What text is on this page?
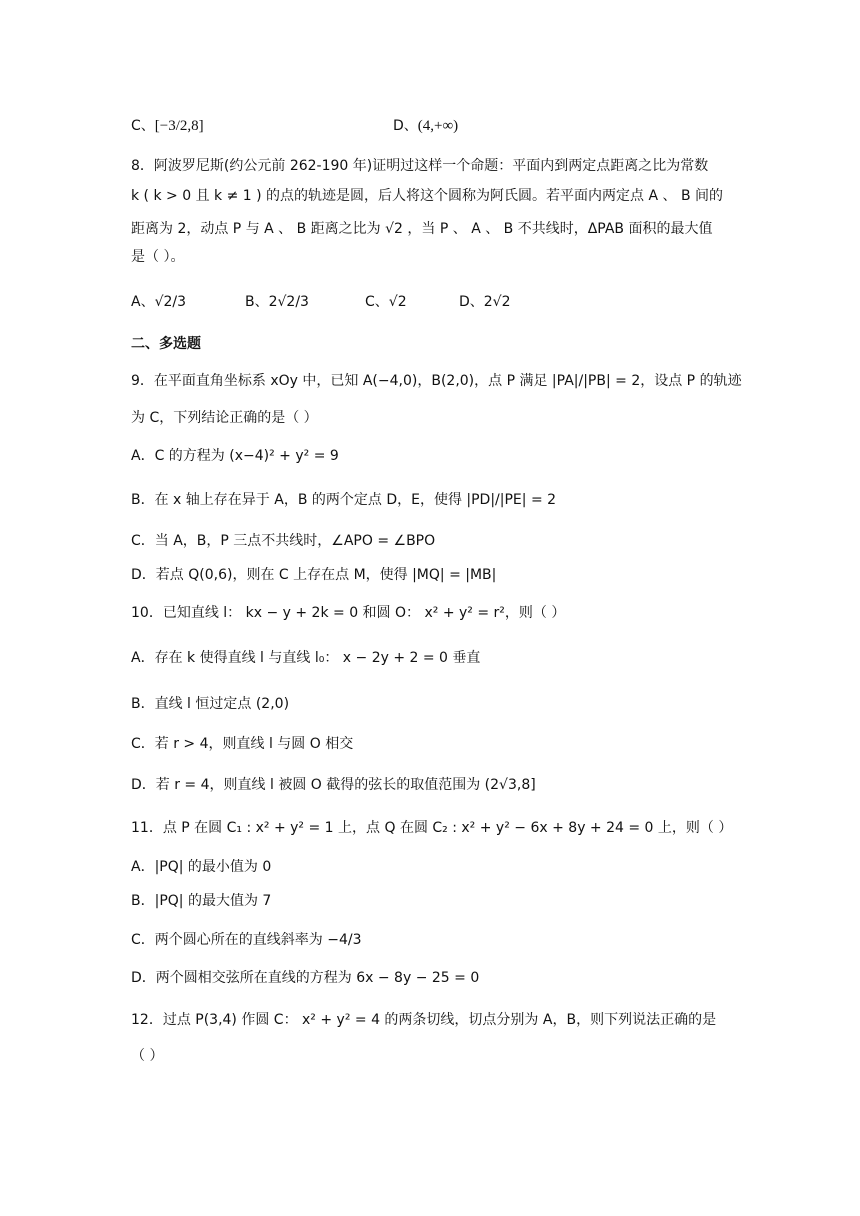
C、[−3/2,8]	D、(4,+∞)
8．阿波罗尼斯(约公元前 262-190 年)证明过这样一个命题：平面内到两定点距离之比为常数
k ( k > 0 且 k ≠ 1 ) 的点的轨迹是圆，后人将这个圆称为阿氏圆。若平面内两定点 A 、 B 间的
距离为 2，动点 P 与 A 、 B 距离之比为 √2 ，当 P 、 A 、 B 不共线时，ΔPAB 面积的最大值
是（ ）。
A、√2/3	B、2√2/3	C、√2	D、2√2
二、多选题
9．在平面直角坐标系 xOy 中，已知 A(−4,0)，B(2,0)，点 P 满足 |PA|/|PB| = 2，设点 P 的轨迹
为 C，下列结论正确的是（ ）
A．C 的方程为 (x−4)² + y² = 9
B．在 x 轴上存在异于 A，B 的两个定点 D，E，使得 |PD|/|PE| = 2
C．当 A，B，P 三点不共线时，∠APO = ∠BPO
D．若点 Q(0,6)，则在 C 上存在点 M，使得 |MQ| = |MB|
10．已知直线 l： kx − y + 2k = 0 和圆 O： x² + y² = r²，则（ ）
A．存在 k 使得直线 l 与直线 l₀： x − 2y + 2 = 0 垂直
B．直线 l 恒过定点 (2,0)
C．若 r > 4，则直线 l 与圆 O 相交
D．若 r = 4，则直线 l 被圆 O 截得的弦长的取值范围为 (2√3,8]
11．点 P 在圆 C₁ : x² + y² = 1 上，点 Q 在圆 C₂ : x² + y² − 6x + 8y + 24 = 0 上，则（ ）
A．|PQ| 的最小值为 0
B．|PQ| 的最大值为 7
C．两个圆心所在的直线斜率为 −4/3
D．两个圆相交弦所在直线的方程为 6x − 8y − 25 = 0
12．过点 P(3,4) 作圆 C： x² + y² = 4 的两条切线，切点分别为 A，B，则下列说法正确的是
（ ）
